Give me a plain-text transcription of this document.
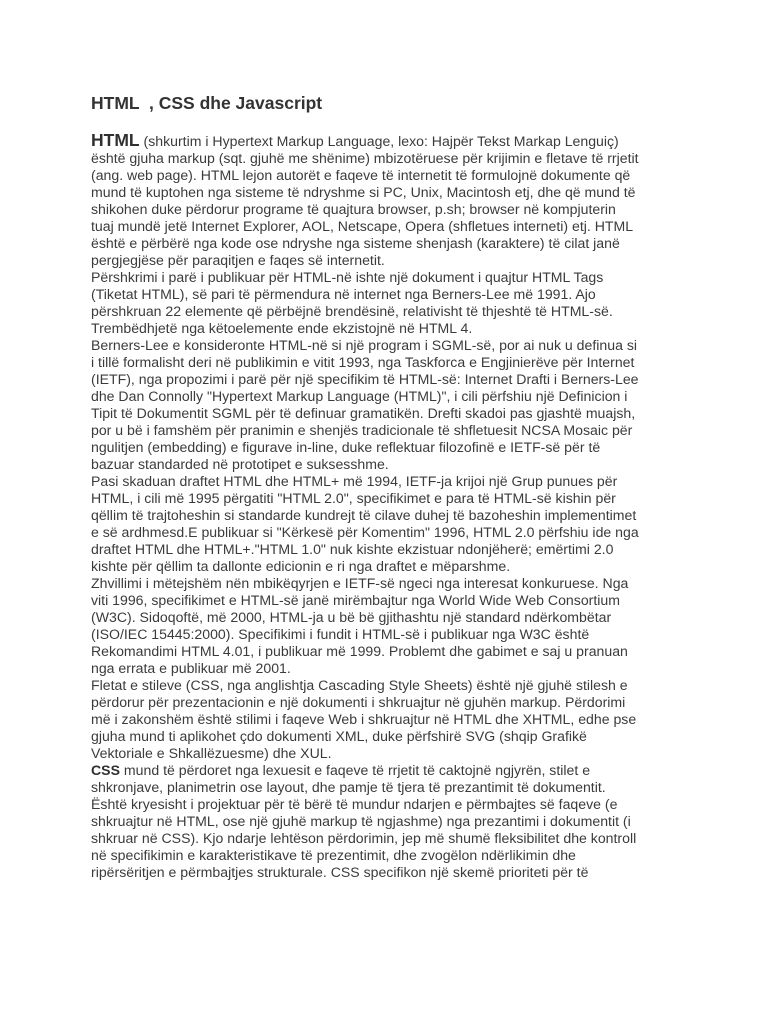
HTML  , CSS dhe Javascript
HTML (shkurtim i Hypertext Markup Language, lexo: Hajpër Tekst Markap Lenguiç)
është gjuha markup (sqt. gjuhë me shënime) mbizotëruese për krijimin e fletave të rrjetit
(ang. web page). HTML lejon autorët e faqeve të internetit të formulojnë dokumente që
mund të kuptohen nga sisteme të ndryshme si PC, Unix, Macintosh etj, dhe që mund të
shikohen duke përdorur programe të quajtura browser, p.sh; browser në kompjuterin
tuaj mundë jetë Internet Explorer, AOL, Netscape, Opera (shfletues interneti) etj. HTML
është e përbërë nga kode ose ndryshe nga sisteme shenjash (karaktere) të cilat janë
pergjegjëse për paraqitjen e faqes së internetit.
Përshkrimi i parë i publikuar për HTML-në ishte një dokument i quajtur HTML Tags
(Tiketat HTML), së pari të përmendura në internet nga Berners-Lee më 1991. Ajo
përshkruan 22 elemente që përbëjnë brendësinë, relativisht të thjeshtë të HTML-së.
Trembëdhjetë nga këtoelemente ende ekzistojnë në HTML 4.
Berners-Lee e konsideronte HTML-në si një program i SGML-së, por ai nuk u definua si
i tillë formalisht deri në publikimin e vitit 1993, nga Taskforca e Engjinierëve për Internet
(IETF), nga propozimi i parë për një specifikim të HTML-së: Internet Drafti i Berners-Lee
dhe Dan Connolly "Hypertext Markup Language (HTML)", i cili përfshiu një Definicion i
Tipit të Dokumentit SGML për të definuar gramatikën. Drefti skadoi pas gjashtë muajsh,
por u bë i famshëm për pranimin e shenjës tradicionale të shfletuesit NCSA Mosaic për
ngulitjen (embedding) e figurave in-line, duke reflektuar filozofinë e IETF-së për të
bazuar standarded në prototipet e suksesshme.
Pasi skaduan draftet HTML dhe HTML+ më 1994, IETF-ja krijoi një Grup punues për
HTML, i cili më 1995 përgatiti "HTML 2.0", specifikimet e para të HTML-së kishin për
qëllim të trajtoheshin si standarde kundrejt të cilave duhej të bazoheshin implementimet
e së ardhmesd.E publikuar si "Kërkesë për Komentim" 1996, HTML 2.0 përfshiu ide nga
draftet HTML dhe HTML+."HTML 1.0" nuk kishte ekzistuar ndonjëherë; emërtimi 2.0
kishte për qëllim ta dallonte edicionin e ri nga draftet e mëparshme.
Zhvillimi i mëtejshëm nën mbikëqyrjen e IETF-së ngeci nga interesat konkuruese. Nga
viti 1996, specifikimet e HTML-së janë mirëmbajtur nga World Wide Web Consortium
(W3C). Sidoqoftë, më 2000, HTML-ja u bë bë gjithashtu një standard ndërkombëtar
(ISO/IEC 15445:2000). Specifikimi i fundit i HTML-së i publikuar nga W3C është
Rekomandimi HTML 4.01, i publikuar më 1999. Problemt dhe gabimet e saj u pranuan
nga errata e publikuar më 2001.
Fletat e stileve (CSS, nga anglishtja Cascading Style Sheets) është një gjuhë stilesh e
përdorur për prezentacionin e një dokumenti i shkruajtur në gjuhën markup. Përdorimi
më i zakonshëm është stilimi i faqeve Web i shkruajtur në HTML dhe XHTML, edhe pse
gjuha mund ti aplikohet çdo dokumenti XML, duke përfshirë SVG (shqip Grafikë
Vektoriale e Shkallëzuesme) dhe XUL.
CSS mund të përdoret nga lexuesit e faqeve të rrjetit të caktojnë ngjyrën, stilet e
shkronjave, planimetrin ose layout, dhe pamje të tjera të prezantimit të dokumentit.
Është kryesisht i projektuar për të bërë të mundur ndarjen e përmbajtes së faqeve (e
shkruajtur në HTML, ose një gjuhë markup të ngjashme) nga prezantimi i dokumentit (i
shkruar në CSS). Kjo ndarje lehtëson përdorimin, jep më shumë fleksibilitet dhe kontroll
në specifikimin e karakteristikave të prezentimit, dhe zvogëlon ndërlikimin dhe
ripërsëritjen e përmbajtjes strukturale. CSS specifikon një skemë prioriteti për të
